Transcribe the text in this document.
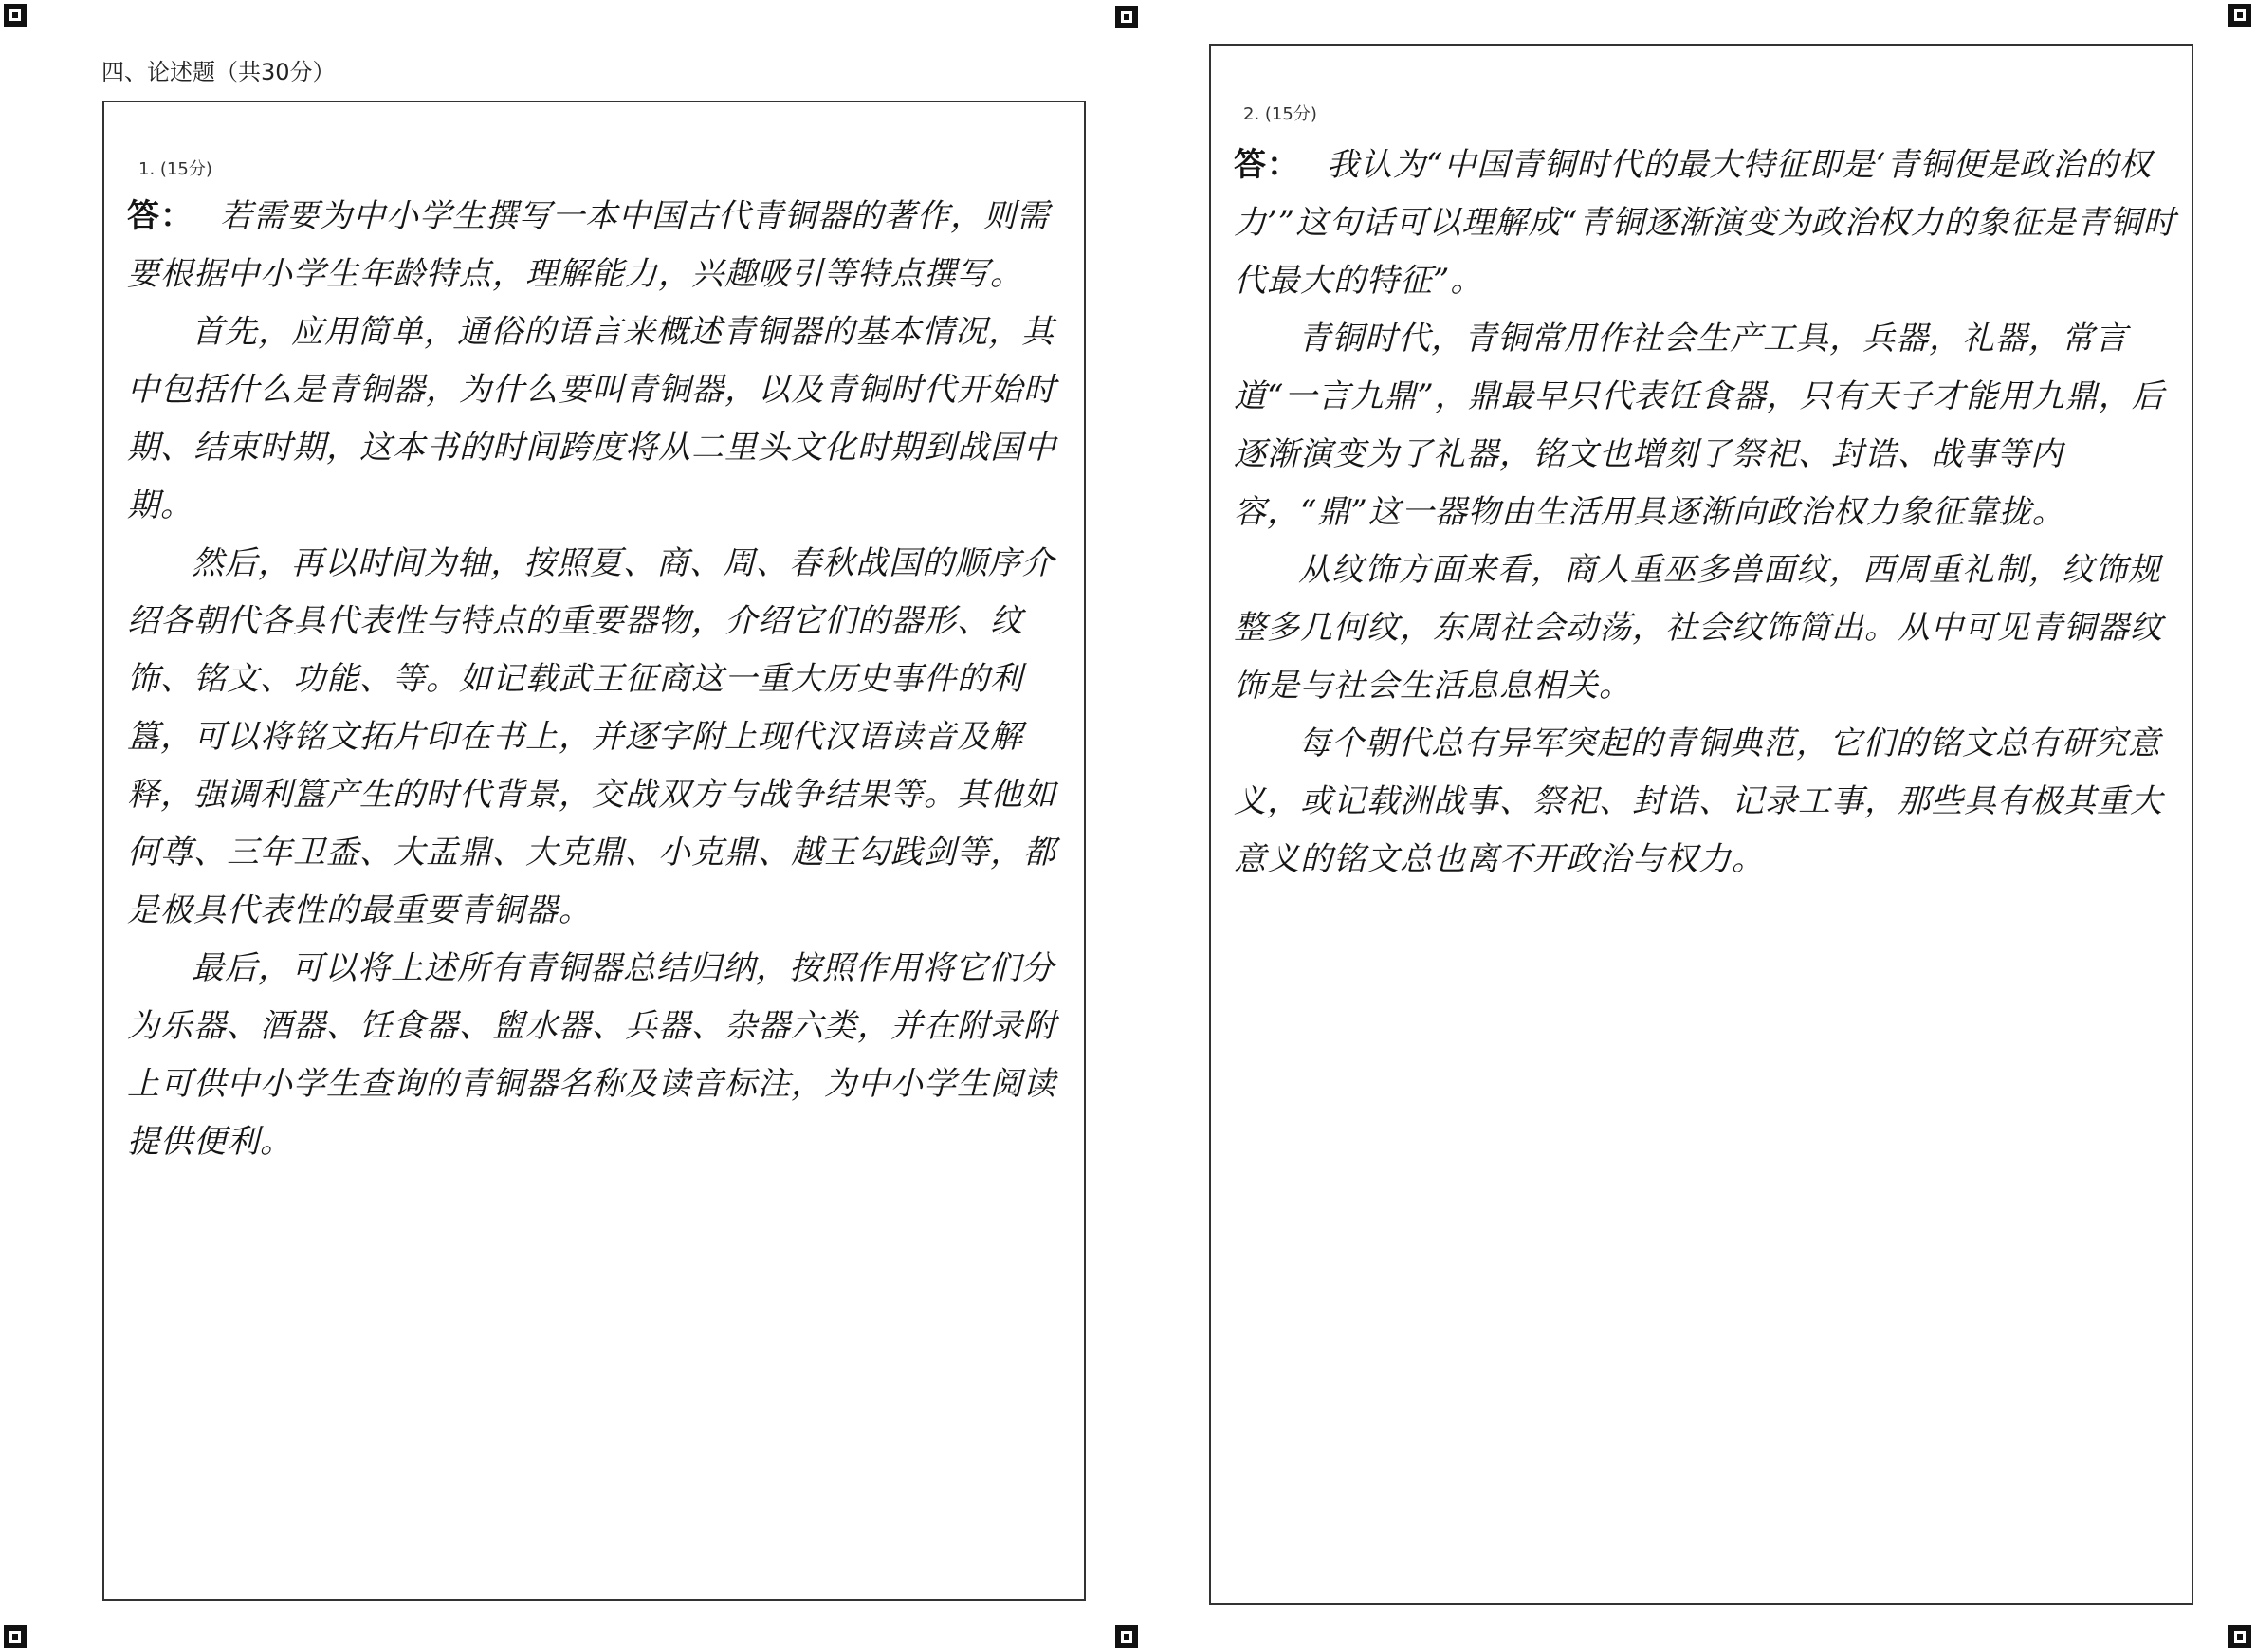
四、论述题（共30分）
1. (15分)

答： 若需要为中小学生撰写一本中国古代青铜器的著作，则需要根据中小学生年龄特点，理解能力，兴趣吸引等特点撰写。

首先，应用简单，通俗的语言来概述青铜器的基本情况，其中包括什么是青铜器，为什么要叫青铜器，以及青铜时代开始时期、结束时期，这本书的时间跨度将从二里头文化时期到战国中期。

然后，再以时间为轴，按照夏、商、周、春秋战国的顺序介绍各朝代各具代表性与特点的重要器物，介绍它们的器形、纹饰、铭文、功能、等。如记载武王征商这一重大历史事件的利簋，可以将铭文拓片印在书上，并逐字附上现代汉语读音及解释，强调利簋产生的时代背景，交战双方与战争结果等。其他如何尊、三年卫盉、大盂鼎、大克鼎、小克鼎、越王勾践剑等，都是极具代表性的最重要青铜器。

最后，可以将上述所有青铜器总结归纳，按照作用将它们分为乐器、酒器、饪食器、盥水器、兵器、杂器六类，并在附录附上可供中小学生查询的青铜器名称及读音标注，为中小学生阅读提供便利。

2. (15分)

答： 我认为“中国青铜时代的最大特征即是‘青铜便是政治的权力’”这句话可以理解成“青铜逐渐演变为政治权力的象征是青铜时代最大的特征”。

青铜时代，青铜常用作社会生产工具，兵器，礼器，常言道“一言九鼎”，鼎最早只代表饪食器，只有天子才能用九鼎，后逐渐演变为了礼器，铭文也增刻了祭祀、封诰、战事等内容，“鼎”这一器物由生活用具逐渐向政治权力象征靠拢。

从纹饰方面来看，商人重巫多兽面纹，西周重礼制，纹饰规整多几何纹，东周社会动荡，社会纹饰简出。从中可见青铜器纹饰是与社会生活息息相关。

每个朝代总有异军突起的青铜典范，它们的铭文总有研究意义，或记载洲战事、祭祀、封诰、记录工事，那些具有极其重大意义的铭文总也离不开政治与权力。
